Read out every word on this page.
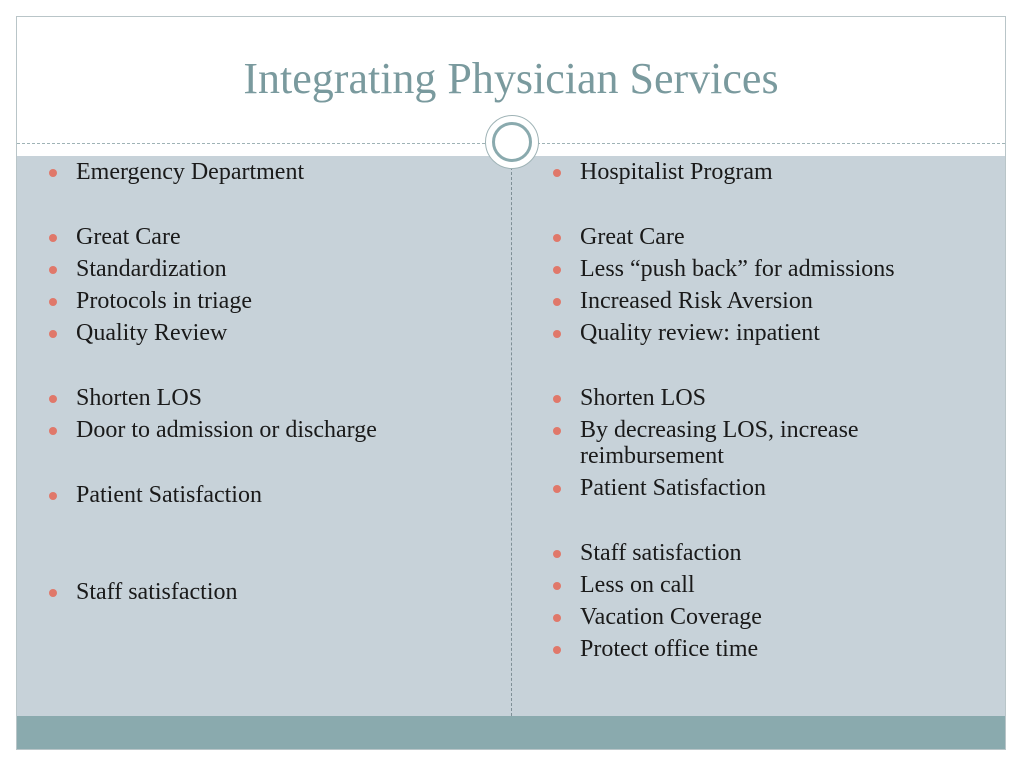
Integrating Physician Services
Emergency Department
Great Care
Standardization
Protocols in triage
Quality Review
Shorten LOS
Door to admission or discharge
Patient Satisfaction
Staff satisfaction
Hospitalist Program
Great Care
Less “push back” for admissions
Increased Risk Aversion
Quality review: inpatient
Shorten LOS
By decreasing LOS, increase reimbursement
Patient Satisfaction
Staff satisfaction
Less on call
Vacation Coverage
Protect office time
